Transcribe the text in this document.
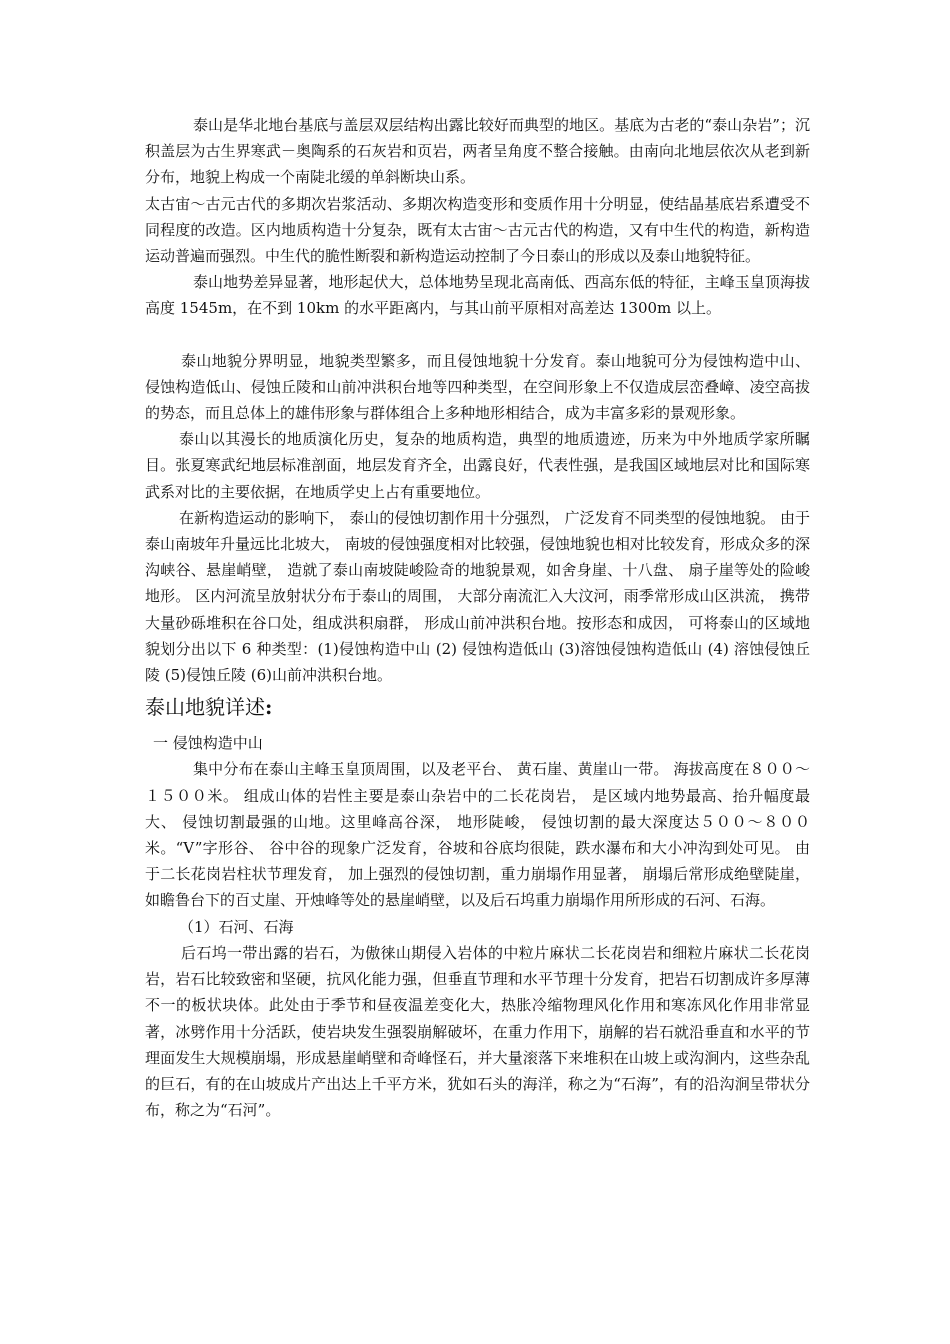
泰山是华北地台基底与盖层双层结构出露比较好而典型的地区。基底为古老的“泰山杂岩”；沉积盖层为古生界寒武－奥陶系的石灰岩和页岩，两者呈角度不整合接触。由南向北地层依次从老到新分布，地貌上构成一个南陡北缓的单斜断块山系。

太古宙～古元古代的多期次岩浆活动、多期次构造变形和变质作用十分明显，使结晶基底岩系遭受不同程度的改造。区内地质构造十分复杂，既有太古宙～古元古代的构造，又有中生代的构造，新构造运动普遍而强烈。中生代的脆性断裂和新构造运动控制了今日泰山的形成以及泰山地貌特征。

泰山地势差异显著，地形起伏大，总体地势呈现北高南低、西高东低的特征，主峰玉皇顶海拔高度 1545m，在不到 10km 的水平距离内，与其山前平原相对高差达 1300m 以上。

泰山地貌分界明显，地貌类型繁多，而且侵蚀地貌十分发育。泰山地貌可分为侵蚀构造中山、侵蚀构造低山、侵蚀丘陵和山前冲洪积台地等四种类型，在空间形象上不仅造成层峦叠嶂、凌空高拔的势态，而且总体上的雄伟形象与群体组合上多种地形相结合，成为丰富多彩的景观形象。

泰山以其漫长的地质演化历史，复杂的地质构造，典型的地质遗迹，历来为中外地质学家所瞩目。张夏寒武纪地层标准剖面，地层发育齐全，出露良好，代表性强，是我国区域地层对比和国际寒武系对比的主要依据，在地质学史上占有重要地位。

在新构造运动的影响下， 泰山的侵蚀切割作用十分强烈， 广泛发育不同类型的侵蚀地貌。 由于泰山南坡年升量远比北坡大， 南坡的侵蚀强度相对比较强，侵蚀地貌也相对比较发育，形成众多的深沟峡谷、悬崖峭壁， 造就了泰山南坡陡峻险奇的地貌景观，如舍身崖、十八盘、 扇子崖等处的险峻地形。 区内河流呈放射状分布于泰山的周围， 大部分南流汇入大汶河，雨季常形成山区洪流， 携带大量砂砾堆积在谷口处，组成洪积扇群， 形成山前冲洪积台地。按形态和成因， 可将泰山的区域地貌划分出以下 6 种类型：(1)侵蚀构造中山 (2) 侵蚀构造低山 (3)溶蚀侵蚀构造低山 (4) 溶蚀侵蚀丘陵 (5)侵蚀丘陵 (6)山前冲洪积台地。

泰山地貌详述:

一 侵蚀构造中山

集中分布在泰山主峰玉皇顶周围，以及老平台、 黄石崖、黄崖山一带。 海拔高度在８００～１５００米。 组成山体的岩性主要是泰山杂岩中的二长花岗岩， 是区域内地势最高、抬升幅度最大、 侵蚀切割最强的山地。这里峰高谷深， 地形陡峻， 侵蚀切割的最大深度达５００～８００米。“V”字形谷、 谷中谷的现象广泛发育，谷坡和谷底均很陡，跌水瀑布和大小冲沟到处可见。 由于二长花岗岩柱状节理发育， 加上强烈的侵蚀切割，重力崩塌作用显著， 崩塌后常形成绝壁陡崖， 如瞻鲁台下的百丈崖、开烛峰等处的悬崖峭壁，以及后石坞重力崩塌作用所形成的石河、石海。

（1）石河、石海

后石坞一带出露的岩石，为傲徕山期侵入岩体的中粒片麻状二长花岗岩和细粒片麻状二长花岗岩，岩石比较致密和坚硬，抗风化能力强，但垂直节理和水平节理十分发育，把岩石切割成许多厚薄不一的板状块体。此处由于季节和昼夜温差变化大，热胀冷缩物理风化作用和寒冻风化作用非常显著，冰劈作用十分活跃，使岩块发生强裂崩解破坏，在重力作用下，崩解的岩石就沿垂直和水平的节理面发生大规模崩塌，形成悬崖峭壁和奇峰怪石，并大量滚落下来堆积在山坡上或沟涧内，这些杂乱的巨石，有的在山坡成片产出达上千平方米，犹如石头的海洋，称之为“石海”，有的沿沟涧呈带状分布，称之为“石河”。
